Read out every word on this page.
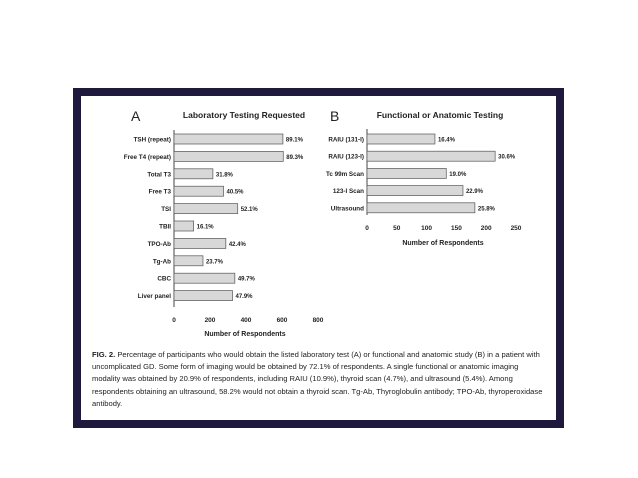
A	Laboratory Testing Requested
Number of Respondents
B	Functional or Anatomic Testing
Number of Respondents
TSH (repeat)	89.1%
Free T4 (repeat)	89.3%
Total T3	31.8%
Free T3	40.5%
TSI	52.1%
TBII	16.1%
TPO-Ab	42.4%
Tg-Ab	23.7%
CBC	49.7%
Liver panel	47.9%
0	200	400	600	800
RAIU (131-I)	16.4%
RAIU (123-I)	30.6%
Tc 99m Scan	19.0%
123-I Scan	22.9%
Ultrasound	25.8%
0	50	100	150	200	250
FIG. 2. Percentage of participants who would obtain the listed laboratory test (A) or functional and anatomic study (B) in a patient with uncomplicated GD. Some form of imaging would be obtained by 72.1% of respondents. A single functional or anatomic imaging modality was obtained by 20.9% of respondents, including RAIU (10.9%), thyroid scan (4.7%), and ultrasound (5.4%). Among respondents obtaining an ultrasound, 58.2% would not obtain a thyroid scan. Tg-Ab, Thyroglobulin antibody; TPO-Ab, thyroperoxidase antibody.
